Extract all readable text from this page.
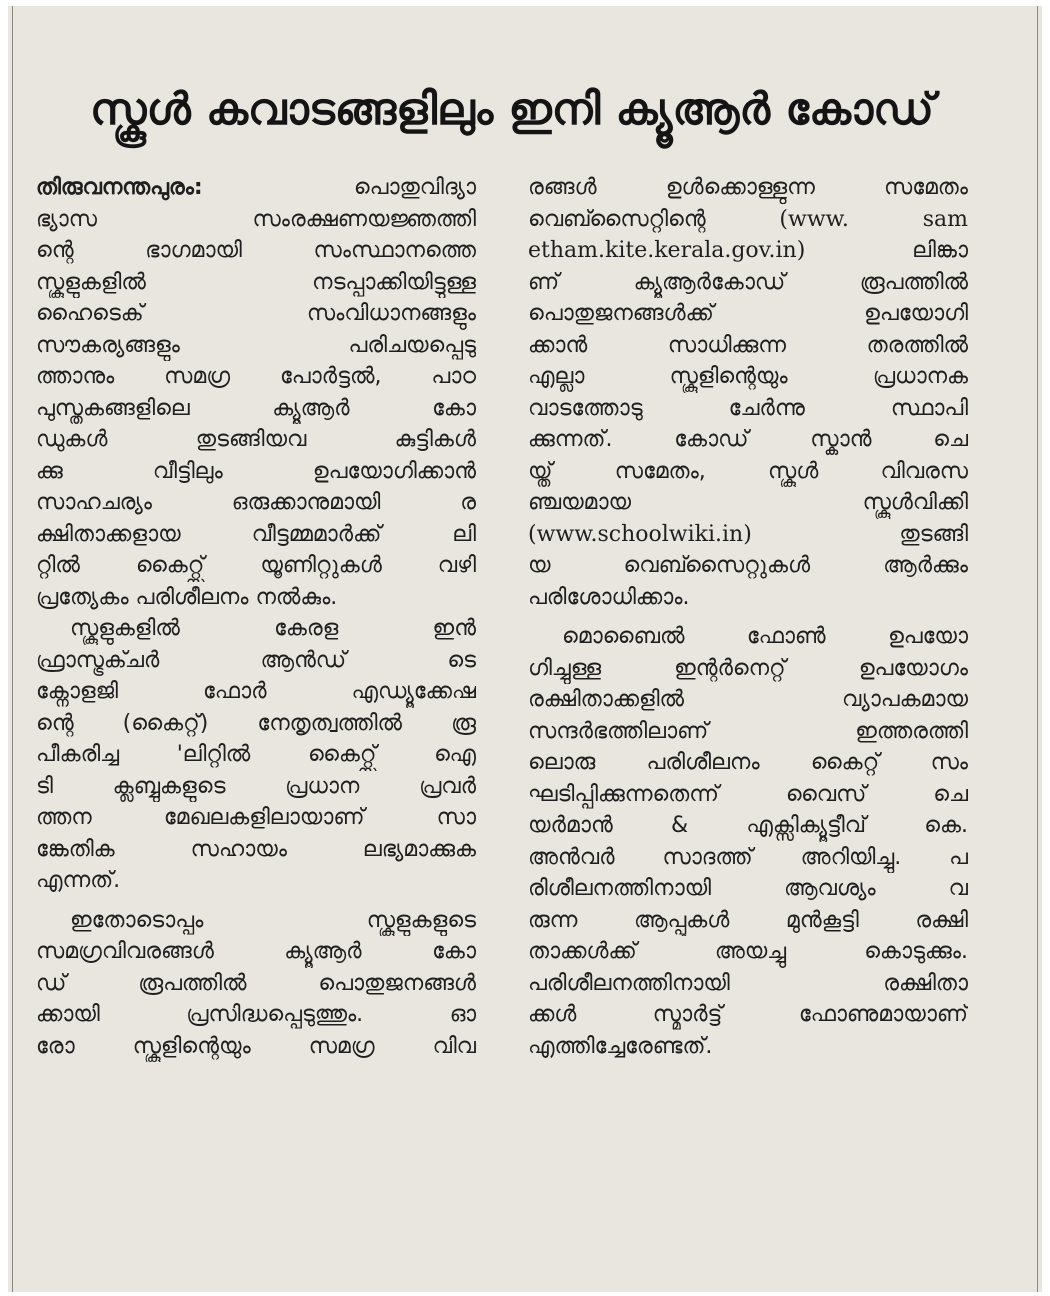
സ്കൂൾ കവാടങ്ങളിലും ഇനി ക്യൂആർ കോഡ്
തിരുവനന്തപുരം:	പൊതുവിദ്യാ
ഭ്യാസ സംരക്ഷണയജ്ഞത്തി
ന്റെ ഭാഗമായി സംസ്ഥാനത്തെ
സ്കൂളുകളിൽ നടപ്പാക്കിയിട്ടുള്ള
ഹൈടെക് സംവിധാനങ്ങളും
സൗകര്യങ്ങളും പരിചയപ്പെടു
ത്താനും സമഗ്ര പോർട്ടൽ, പാഠ
പുസ്തകങ്ങളിലെ ക്യൂആർ കോ
ഡുകൾ തുടങ്ങിയവ കുട്ടികൾ
ക്കു വീട്ടിലും ഉപയോഗിക്കാൻ
സാഹചര്യം ഒരുക്കാനുമായി ര
ക്ഷിതാക്കളായ വീട്ടമ്മമാർക്ക് ലി
റ്റിൽ കൈറ്റ്സ് യൂണിറ്റുകൾ വഴി
പ്രത്യേകം പരിശീലനം നൽകും.
സ്കൂളുകളിൽ കേരള ഇൻ
ഫ്രാസ്ട്രക്ചർ ആൻഡ് ടെ
ക്നോളജി ഫോർ എഡ്യൂക്കേഷ
ന്റെ (കൈറ്റ്) നേതൃത്വത്തിൽ രൂ
പീകരിച്ച 'ലിറ്റിൽ കൈറ്റ്സ് ഐ
ടി ക്ലബ്ബുകളുടെ പ്രധാന പ്രവർ
ത്തന മേഖലകളിലായാണ് സാ
ങ്കേതിക സഹായം ലഭ്യമാക്കുക
എന്നത്.
ഇതോടൊപ്പം സ്കൂളുകളുടെ
സമഗ്രവിവരങ്ങൾ ക്യൂആർ കോ
ഡ് രൂപത്തിൽ പൊതുജനങ്ങൾ
ക്കായി പ്രസിദ്ധപ്പെടുത്തും. ഓ
രോ സ്കൂളിന്റെയും സമഗ്ര വിവ
രങ്ങൾ ഉൾക്കൊള്ളുന്ന സമേതം
വെബ്സൈറ്റിന്റെ (www. sam
etham.kite.kerala.gov.in) ലിങ്കാ
ണ് ക്യൂആർകോഡ് രൂപത്തിൽ
പൊതുജനങ്ങൾക്ക് ഉപയോഗി
ക്കാൻ സാധിക്കുന്ന തരത്തിൽ
എല്ലാ സ്കൂളിന്റെയും പ്രധാനക
വാടത്തോടു ചേർന്നു സ്ഥാപി
ക്കുന്നത്. കോഡ് സ്കാൻ ചെ
യ്ത് സമേതം, സ്കൂൾ വിവരസ
ഞ്ചയമായ സ്കൂൾവിക്കി
(www.schoolwiki.in) തുടങ്ങി
യ വെബ്സൈറ്റുകൾ ആർക്കും
പരിശോധിക്കാം.
മൊബൈൽ ഫോൺ ഉപയോ
ഗിച്ചുള്ള ഇന്റർനെറ്റ് ഉപയോഗം
രക്ഷിതാക്കളിൽ വ്യാപകമായ
സന്ദർഭത്തിലാണ് ഇത്തരത്തി
ലൊരു പരിശീലനം കൈറ്റ് സം
ഘടിപ്പിക്കുന്നതെന്ന് വൈസ് ചെ
യർമാൻ & എക്സിക്യൂട്ടീവ് കെ.
അൻവർ സാദത്ത് അറിയിച്ചു. പ
രിശീലനത്തിനായി ആവശ്യം വ
രുന്ന ആപ്പുകൾ മുൻകൂട്ടി രക്ഷി
താക്കൾക്ക് അയച്ചു കൊടുക്കും.
പരിശീലനത്തിനായി രക്ഷിതാ
ക്കൾ സ്മാർട്ട് ഫോണുമായാണ്
എത്തിച്ചേരേണ്ടത്.
